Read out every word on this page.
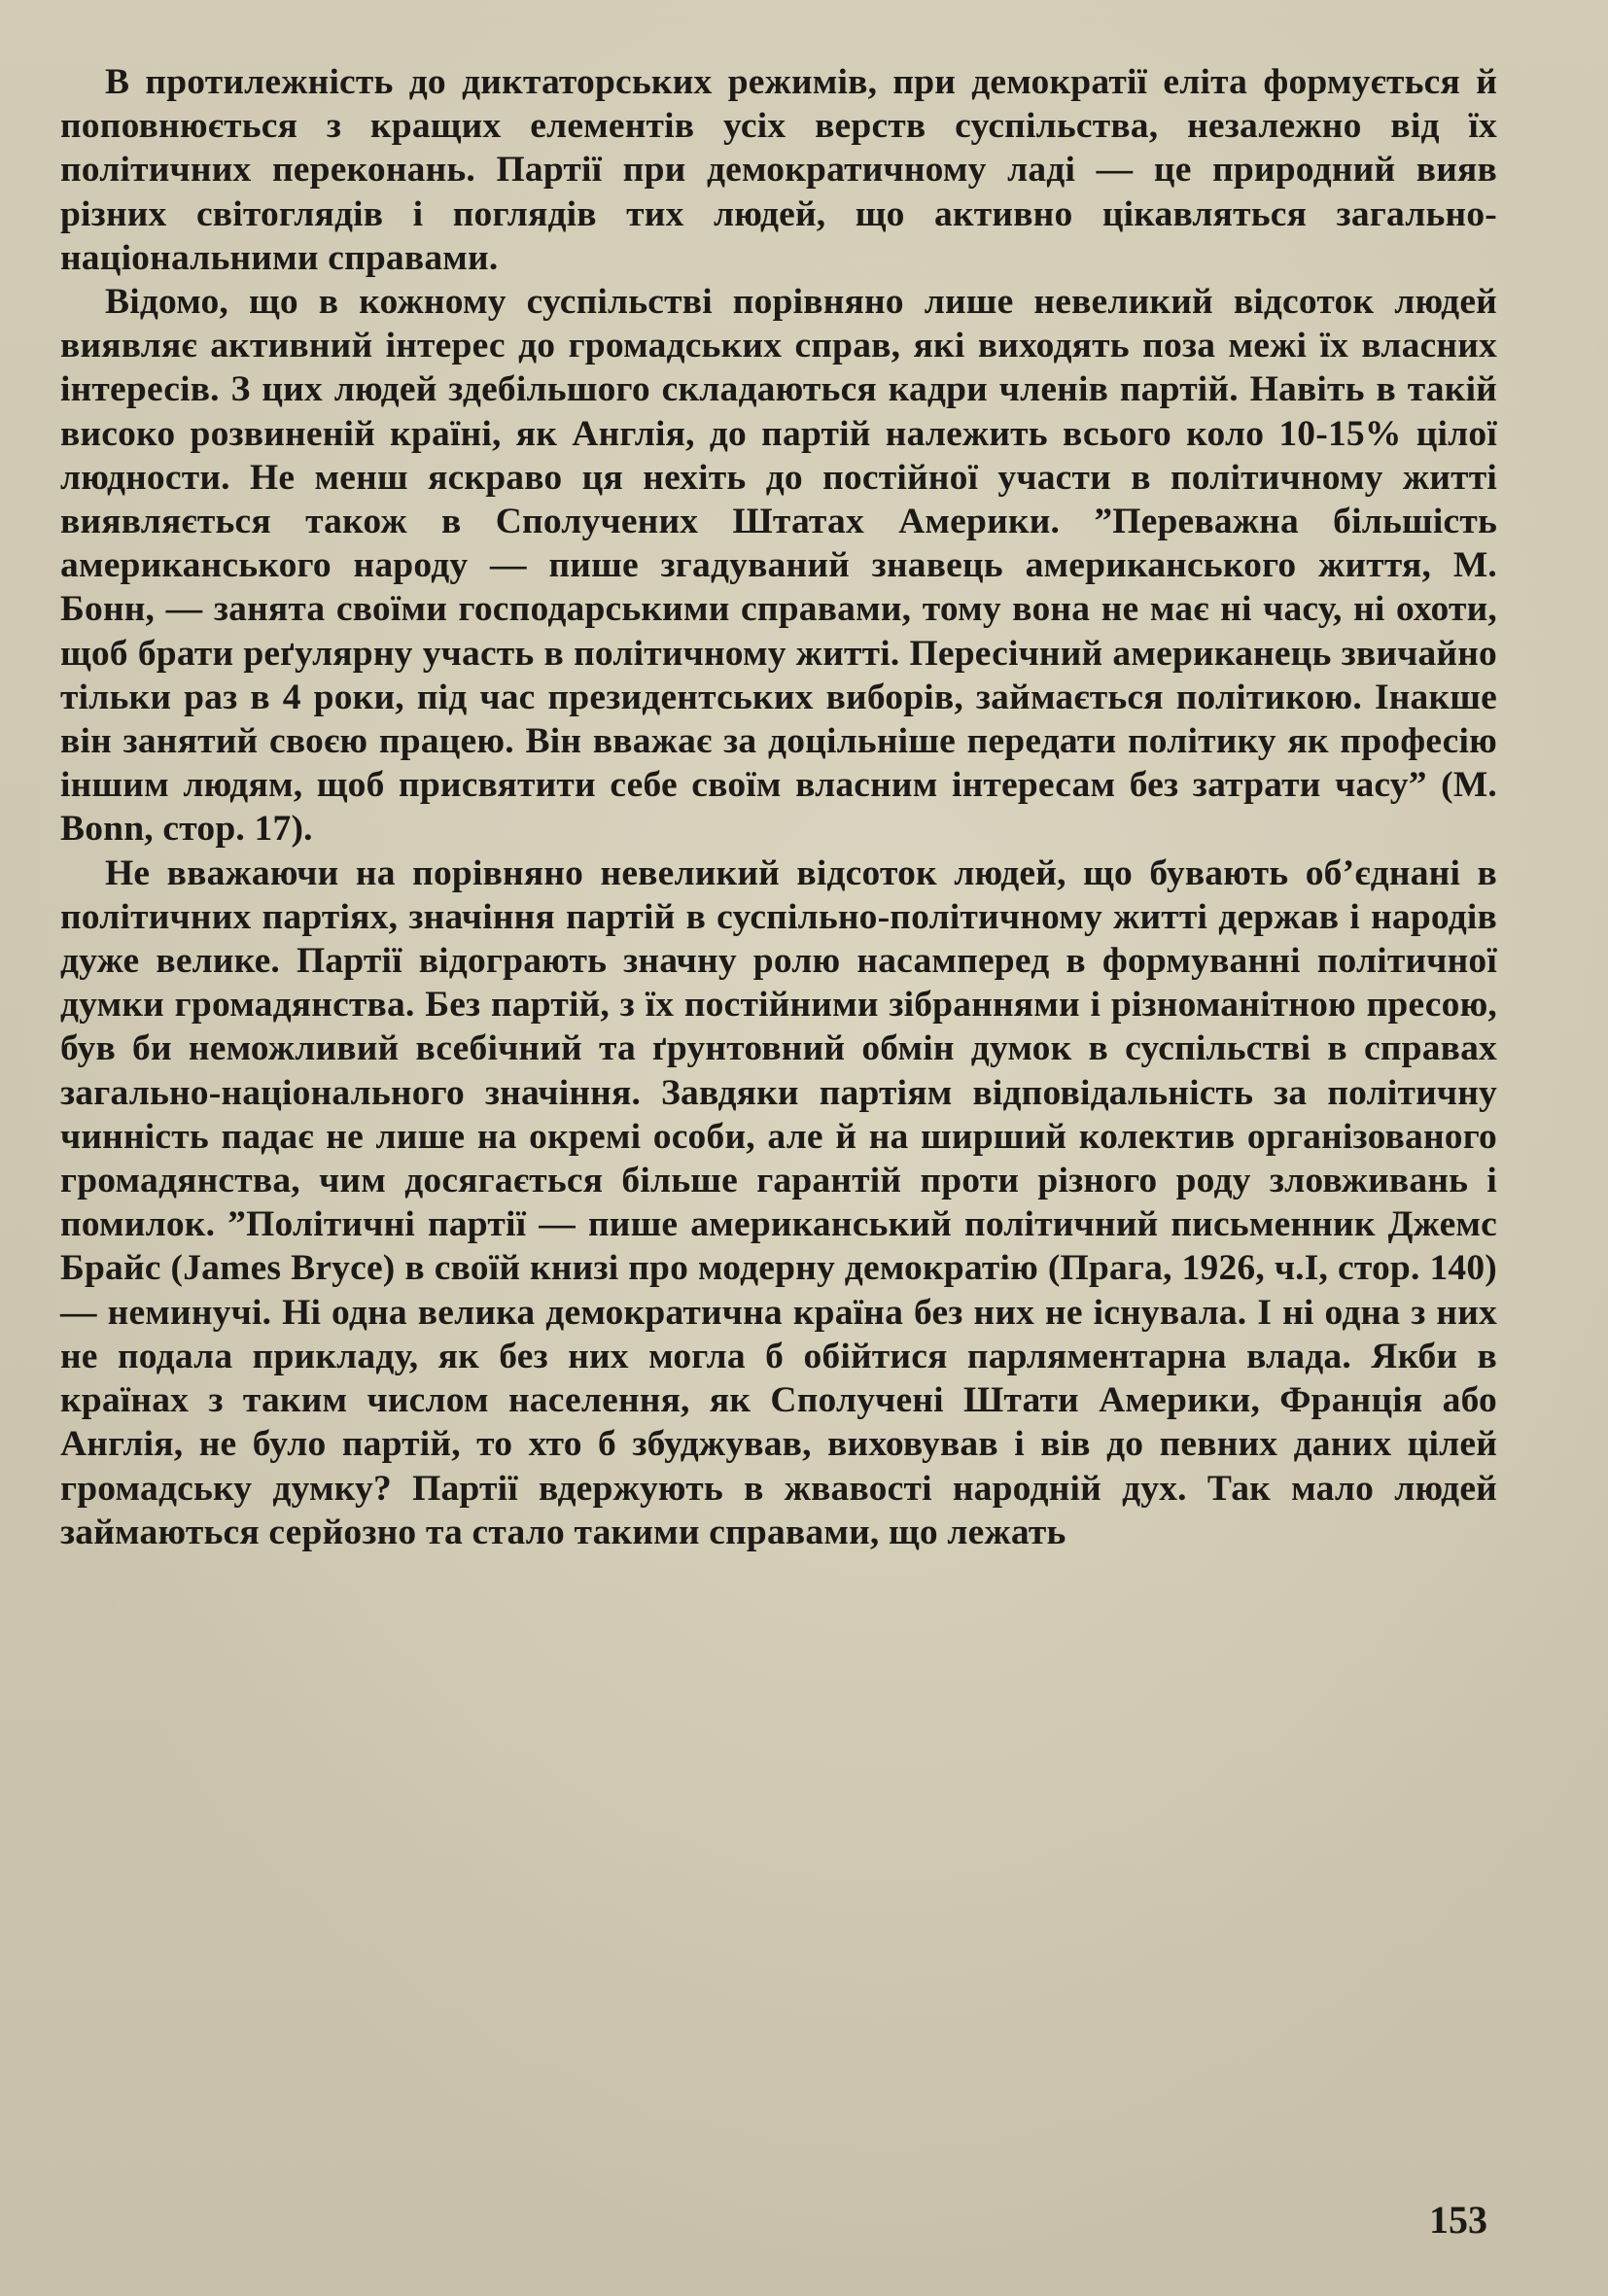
В протилежність до диктаторських режимів, при демократії еліта формується й поповнюється з кращих елементів усіх верств суспільства, незалежно від їх політичних переконань. Партії при демократичному ладі — це природний вияв різних світоглядів і поглядів тих людей, що активно цікавляться загально-національними справами.

Відомо, що в кожному суспільстві порівняно лише невеликий відсоток людей виявляє активний інтерес до громадських справ, які виходять поза межі їх власних інтересів. З цих людей здебільшого складаються кадри членів партій. Навіть в такій високо розвиненій країні, як Англія, до партій належить всього коло 10-15% цілої людности. Не менш яскраво ця нехіть до постійної участи в політичному житті виявляється також в Сполучених Штатах Америки. ”Переважна більшість американського народу — пише згадуваний знавець американського життя, М. Бонн, — занята своїми господарськими справами, тому вона не має ні часу, ні охоти, щоб брати реґулярну участь в політичному житті. Пересічний американець звичайно тільки раз в 4 роки, під час президентських виборів, займається політикою. Інакше він занятий своєю працею. Він вважає за доцільніше передати політику як професію іншим людям, щоб присвятити себе своїм власним інтересам без затрати часу” (M. Bonn, стор. 17).

Не вважаючи на порівняно невеликий відсоток людей, що бувають об’єднані в політичних партіях, значіння партій в суспільно-політичному житті держав і народів дуже велике. Партії відограють значну ролю насамперед в формуванні політичної думки громадянства. Без партій, з їх постійними зібраннями і різноманітною пресою, був би неможливий всебічний та ґрунтовний обмін думок в суспільстві в справах загально-національного значіння. Завдяки партіям відповідальність за політичну чинність падає не лише на окремі особи, але й на ширший колектив організованого громадянства, чим досягається більше гарантій проти різного роду зловживань і помилок. ”Політичні партії — пише американський політичний письменник Джемс Брайс (James Bryce) в своїй книзі про модерну демократію (Прага, 1926, ч.I, стор. 140) — неминучі. Ні одна велика демократична країна без них не існувала. І ні одна з них не подала прикладу, як без них могла б обійтися парляментарна влада. Якби в країнах з таким числом населення, як Сполучені Штати Америки, Франція або Англія, не було партій, то хто б збуджував, виховував і вів до певних даних цілей громадську думку? Партії вдержують в жвавості народній дух. Так мало людей займаються серйозно та стало такими справами, що лежать

153
